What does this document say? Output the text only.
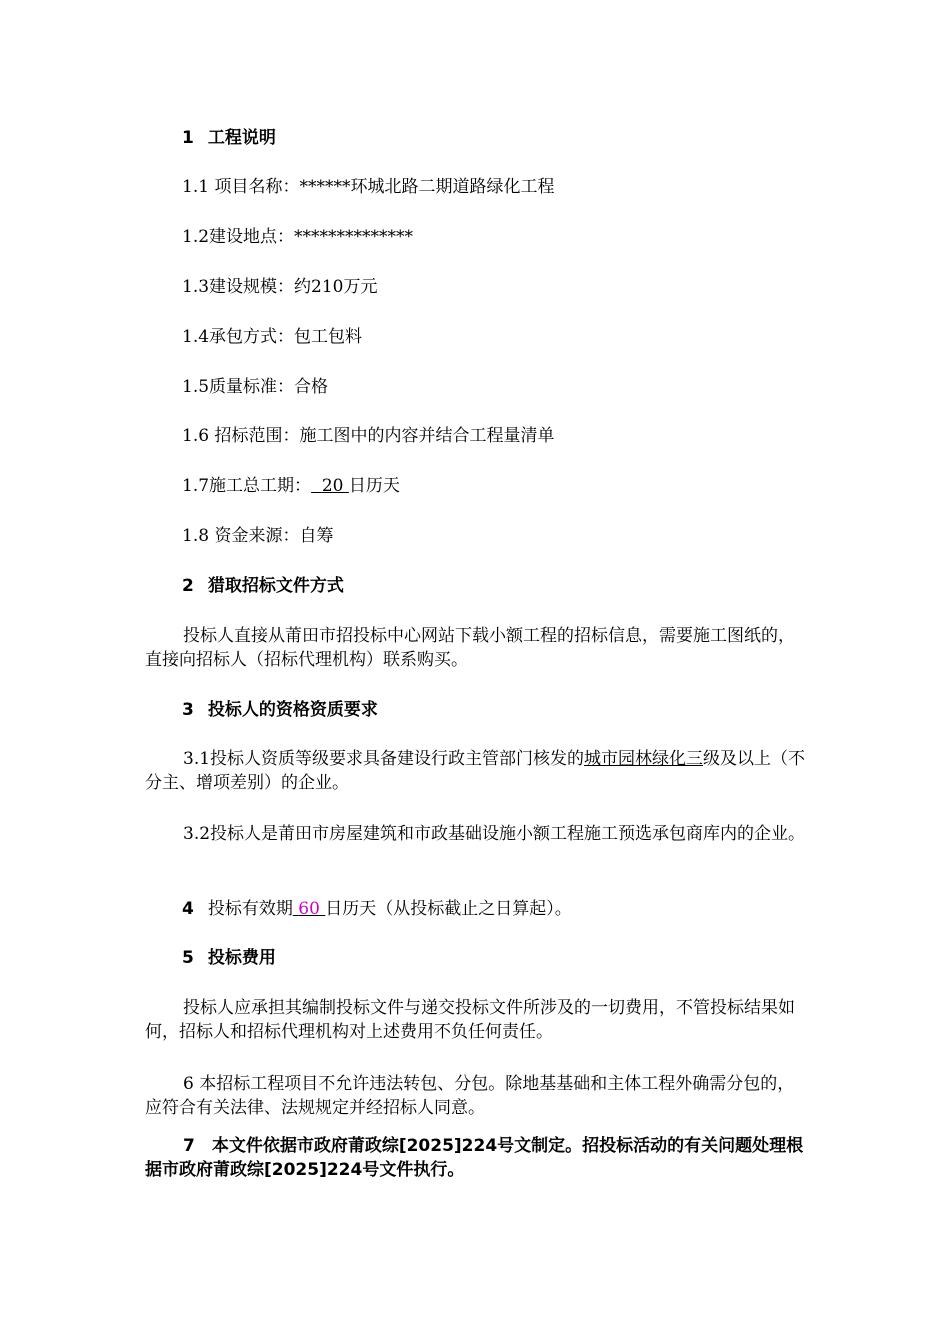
1 工程说明
1.1 项目名称：******环城北路二期道路绿化工程
1.2建设地点：**************
1.3建设规模：约210万元
1.4承包方式：包工包料
1.5质量标准：合格
1.6 招标范围：施工图中的内容并结合工程量清单
1.7施工总工期： 20 日历天
1.8 资金来源：自筹
2 猎取招标文件方式
投标人直接从莆田市招投标中心网站下载小额工程的招标信息，需要施工图纸的，直接向招标人（招标代理机构）联系购买。
3 投标人的资格资质要求
3.1投标人资质等级要求具备建设行政主管部门核发的城市园林绿化三级及以上（不分主、增项差别）的企业。
3.2投标人是莆田市房屋建筑和市政基础设施小额工程施工预选承包商库内的企业。
4 投标有效期 60 日历天（从投标截止之日算起）。
5 投标费用
投标人应承担其编制投标文件与递交投标文件所涉及的一切费用，不管投标结果如何，招标人和招标代理机构对上述费用不负任何责任。
6 本招标工程项目不允许违法转包、分包。除地基基础和主体工程外确需分包的，应符合有关法律、法规规定并经招标人同意。
7　本文件依据市政府莆政综[2025]224号文制定。招投标活动的有关问题处理根据市政府莆政综[2025]224号文件执行。
